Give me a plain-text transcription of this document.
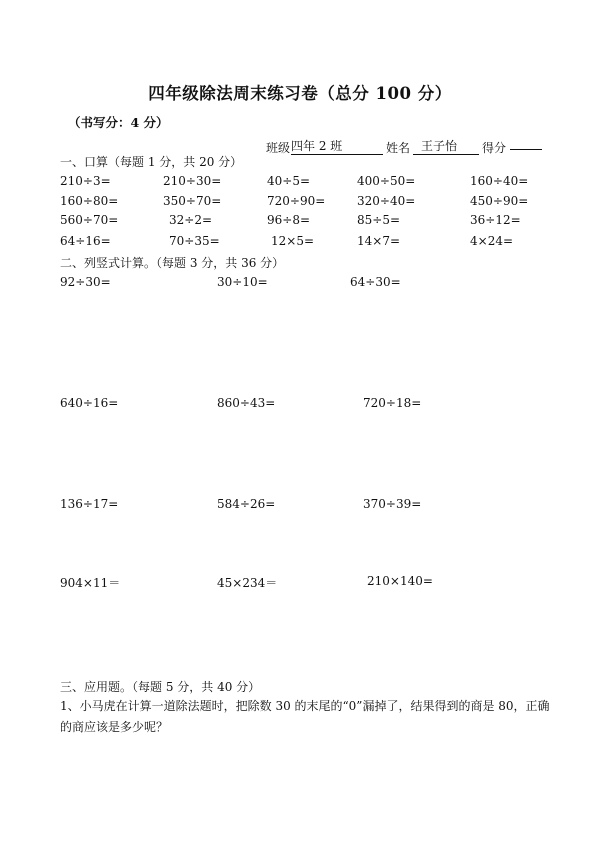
四年级除法周末练习卷（总分 100 分）
（书写分：4 分）
班级 四年 2 班	姓名 王子怡	得分
一、口算（每题 1 分，共 20 分）
210÷3=	210÷30=	40÷5=	400÷50=	160÷40=
160÷80=	350÷70=	720÷90=	320÷40=	450÷90=
560÷70=	32÷2=	96÷8=	85÷5=	36÷12=
64÷16=	70÷35=	12×5=	14×7=	4×24=
二、列竖式计算。（每题 3 分，共 36 分）
92÷30=	30÷10=	64÷30=
640÷16=	860÷43=	720÷18=
136÷17=	584÷26=	370÷39=
904×11＝	45×234＝	210×140=
三、应用题。（每题 5 分，共 40 分）
1、小马虎在计算一道除法题时，把除数 30 的末尾的“0”漏掉了，结果得到的商是 80，正确的商应该是多少呢？
